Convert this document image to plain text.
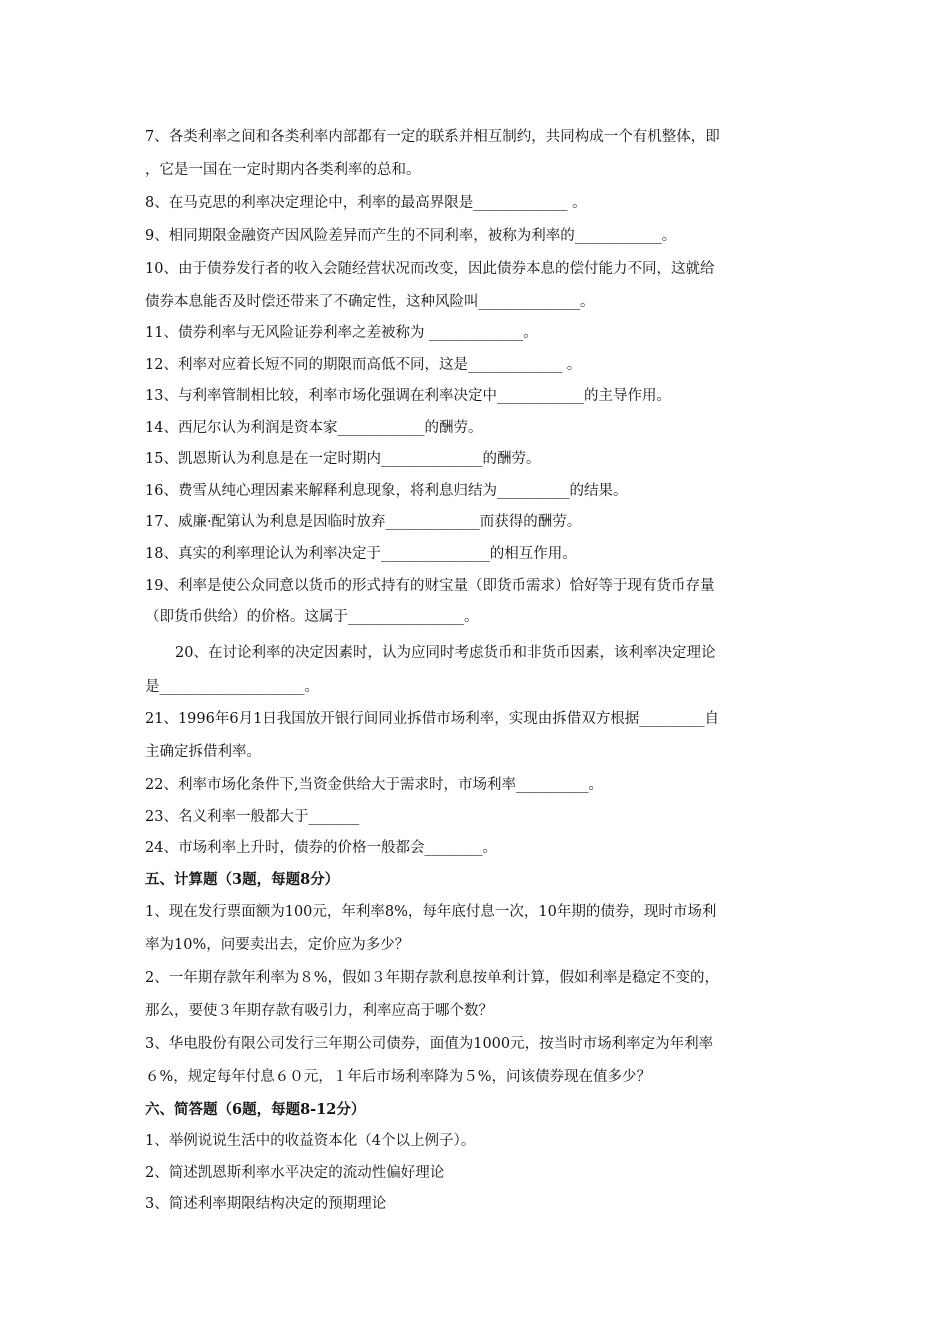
7、各类利率之间和各类利率内部都有一定的联系并相互制约，共同构成一个有机整体，即
，它是一国在一定时期内各类利率的总和。
8、在马克思的利率决定理论中，利率的最高界限是_____________ 。
9、相同期限金融资产因风险差异而产生的不同利率，被称为利率的____________。
10、由于债券发行者的收入会随经营状况而改变，因此债券本息的偿付能力不同，这就给
债券本息能否及时偿还带来了不确定性，这种风险叫______________。
11、债券利率与无风险证券利率之差被称为 _____________。
12、利率对应着长短不同的期限而高低不同，这是_____________ 。
13、与利率管制相比较，利率市场化强调在利率决定中____________的主导作用。
14、西尼尔认为利润是资本家____________的酬劳。
15、凯恩斯认为利息是在一定时期内______________的酬劳。
16、费雪从纯心理因素来解释利息现象，将利息归结为__________的结果。
17、威廉·配第认为利息是因临时放弃_____________而获得的酬劳。
18、真实的利率理论认为利率决定于_______________的相互作用。
19、利率是使公众同意以货币的形式持有的财宝量（即货币需求）恰好等于现有货币存量
（即货币供给）的价格。这属于________________。
20、在讨论利率的决定因素时，认为应同时考虑货币和非货币因素，该利率决定理论
是____________________。
21、1996年6月1日我国放开银行间同业拆借市场利率，实现由拆借双方根据_________自
主确定拆借利率。
22、利率市场化条件下,当资金供给大于需求时，市场利率__________。
23、名义利率一般都大于_______
24、市场利率上升时，债券的价格一般都会________。
五、计算题（3题，每题8分）
1、现在发行票面额为100元，年利率8%，每年底付息一次，10年期的债券，现时市场利
率为10%，问要卖出去，定价应为多少？
2、一年期存款年利率为８%，假如３年期存款利息按单利计算，假如利率是稳定不变的，
那么，要使３年期存款有吸引力，利率应高于哪个数？
3、华电股份有限公司发行三年期公司债券，面值为1000元，按当时市场利率定为年利率
６%，规定每年付息６０元，１年后市场利率降为５%，问该债券现在值多少？
六、简答题（6题，每题8-12分）
1、举例说说生活中的收益资本化（4个以上例子）。
2、简述凯恩斯利率水平决定的流动性偏好理论
3、简述利率期限结构决定的预期理论
